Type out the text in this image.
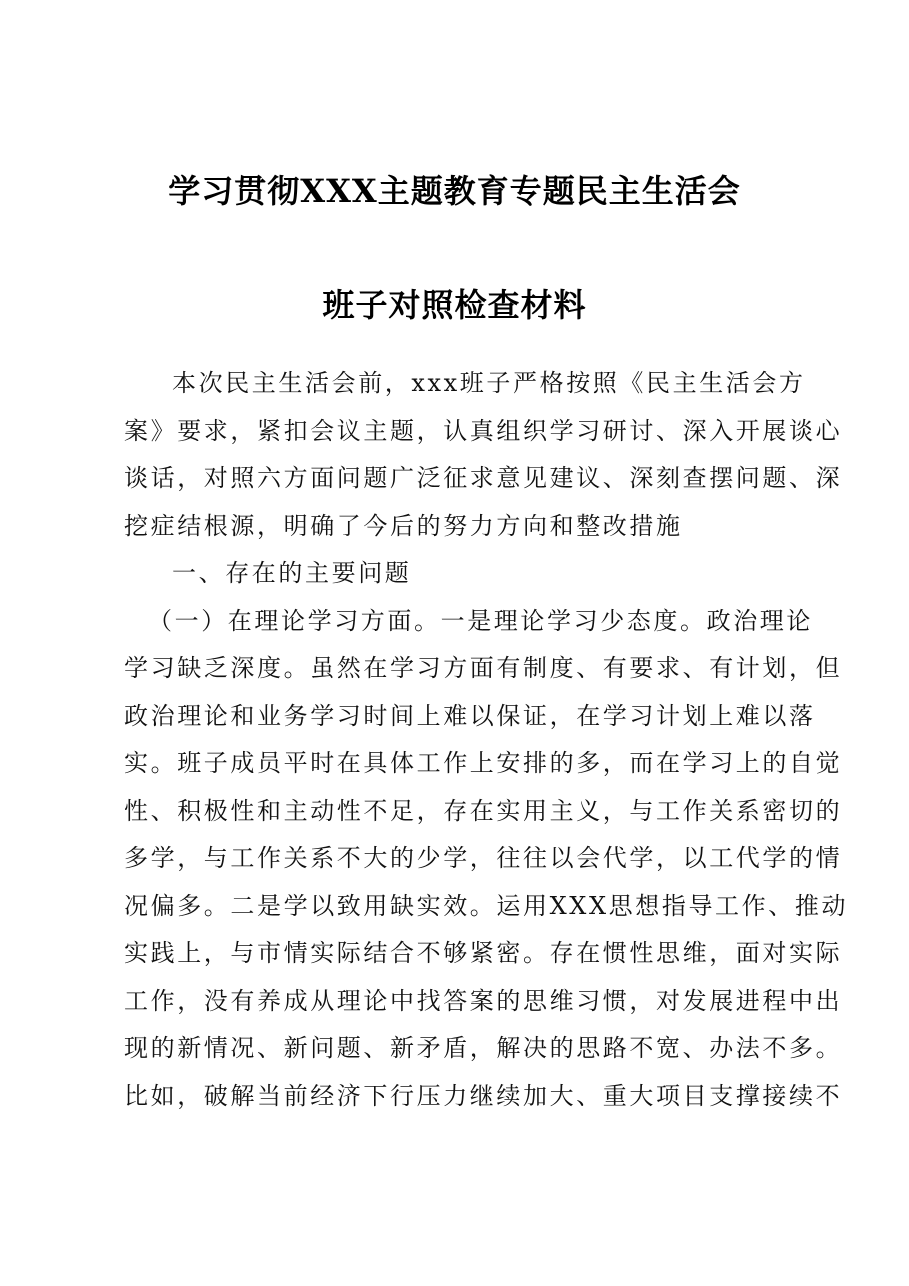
学习贯彻XXX主题教育专题民主生活会
班子对照检查材料
本次民主生活会前，xxx班子严格按照《民主生活会方
案》要求，紧扣会议主题，认真组织学习研讨、深入开展谈心
谈话，对照六方面问题广泛征求意见建议、深刻查摆问题、深
挖症结根源，明确了今后的努力方向和整改措施
一、存在的主要问题
（一）在理论学习方面。一是理论学习少态度。政治理论
学习缺乏深度。虽然在学习方面有制度、有要求、有计划，但
政治理论和业务学习时间上难以保证，在学习计划上难以落
实。班子成员平时在具体工作上安排的多，而在学习上的自觉
性、积极性和主动性不足，存在实用主义，与工作关系密切的
多学，与工作关系不大的少学，往往以会代学，以工代学的情
况偏多。二是学以致用缺实效。运用XXX思想指导工作、推动
实践上，与市情实际结合不够紧密。存在惯性思维，面对实际
工作，没有养成从理论中找答案的思维习惯，对发展进程中出
现的新情况、新问题、新矛盾，解决的思路不宽、办法不多。
比如，破解当前经济下行压力继续加大、重大项目支撑接续不
